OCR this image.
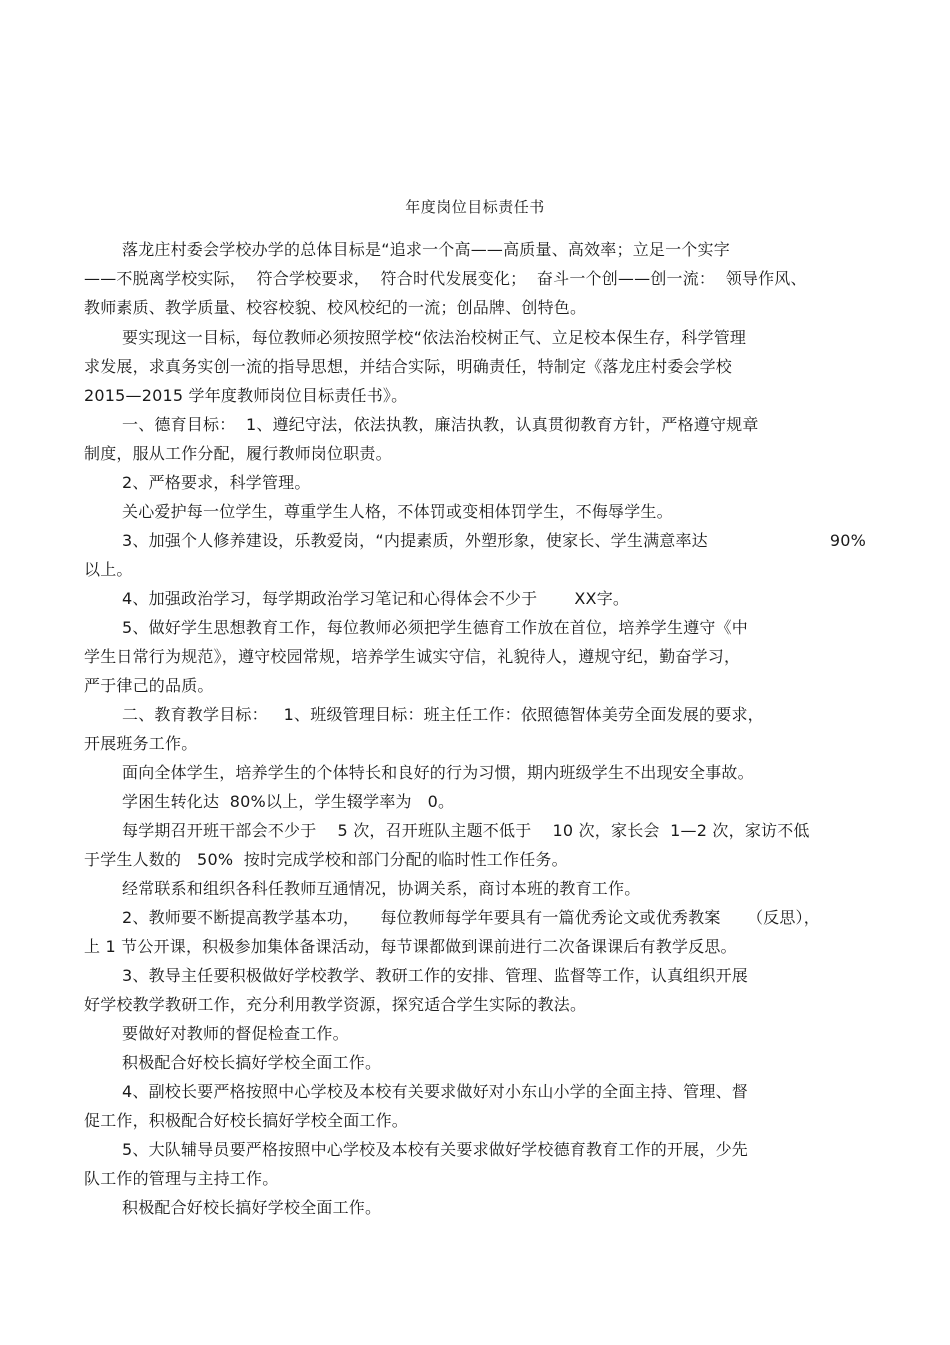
年度岗位目标责任书
落龙庄村委会学校办学的总体目标是“追求一个高——高质量、高效率；立足一个实字
——不脱离学校实际，  符合学校要求，  符合时代发展变化；  奋斗一个创——创一流：  领导作风、
教师素质、教学质量、校容校貌、校风校纪的一流；创品牌、创特色。
要实现这一目标，每位教师必须按照学校“依法治校树正气、立足校本保生存，科学管理
求发展，求真务实创一流的指导思想，并结合实际，明确责任，特制定《落龙庄村委会学校
2015—2015 学年度教师岗位目标责任书》。
一、德育目标：  1、遵纪守法，依法执教，廉洁执教，认真贯彻教育方针，严格遵守规章
制度，服从工作分配，履行教师岗位职责。
2、严格要求，科学管理。
关心爱护每一位学生，尊重学生人格，不体罚或变相体罚学生，不侮辱学生。

3、加强个人修养建设，乐教爱岗，“内提素质，外塑形象，使家长、学生满意率达

	90%

以上。
4、加强政治学习，每学期政治学习笔记和心得体会不少于       XX字。
5、做好学生思想教育工作，每位教师必须把学生德育工作放在首位，培养学生遵守《中
学生日常行为规范》，遵守校园常规，培养学生诚实守信，礼貌待人，遵规守纪，勤奋学习，
严于律己的品质。
二、教育教学目标：   1、班级管理目标：班主任工作：依照德智体美劳全面发展的要求，
开展班务工作。
面向全体学生，培养学生的个体特长和良好的行为习惯，期内班级学生不出现安全事故。
学困生转化达  80%以上，学生辍学率为   0。
每学期召开班干部会不少于    5 次，召开班队主题不低于    10 次，家长会  1—2 次，家访不低
于学生人数的   50%  按时完成学校和部门分配的临时性工作任务。
经常联系和组织各科任教师互通情况，协调关系，商讨本班的教育工作。
2、教师要不断提高教学基本功，    每位教师每学年要具有一篇优秀论文或优秀教案     （反思），
上 1 节公开课，积极参加集体备课活动，每节课都做到课前进行二次备课课后有教学反思。
3、教导主任要积极做好学校教学、教研工作的安排、管理、监督等工作，认真组织开展
好学校教学教研工作，充分利用教学资源，探究适合学生实际的教法。
要做好对教师的督促检查工作。
积极配合好校长搞好学校全面工作。
4、副校长要严格按照中心学校及本校有关要求做好对小东山小学的全面主持、管理、督
促工作，积极配合好校长搞好学校全面工作。
5、大队辅导员要严格按照中心学校及本校有关要求做好学校德育教育工作的开展，少先
队工作的管理与主持工作。
积极配合好校长搞好学校全面工作。
